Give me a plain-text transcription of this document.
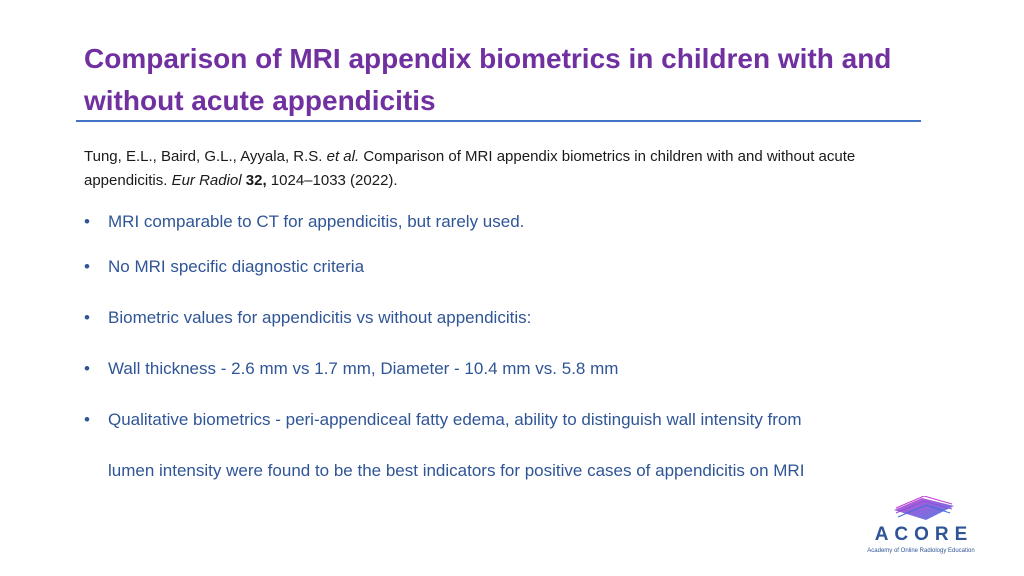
Comparison of MRI appendix biometrics in children with and without acute appendicitis
Tung, E.L., Baird, G.L., Ayyala, R.S. et al. Comparison of MRI appendix biometrics in children with and without acute appendicitis. Eur Radiol 32, 1024–1033 (2022).
•	MRI comparable to CT for appendicitis, but rarely used.
•	No MRI specific diagnostic criteria
•	Biometric values for appendicitis vs without appendicitis:
•	Wall thickness - 2.6 mm vs 1.7 mm, Diameter - 10.4 mm vs. 5.8 mm
•	Qualitative biometrics - peri-appendiceal fatty edema, ability to distinguish wall intensity from lumen intensity were found to be the best indicators for positive cases of appendicitis on MRI
ACORE
Academy of Online Radiology Education
